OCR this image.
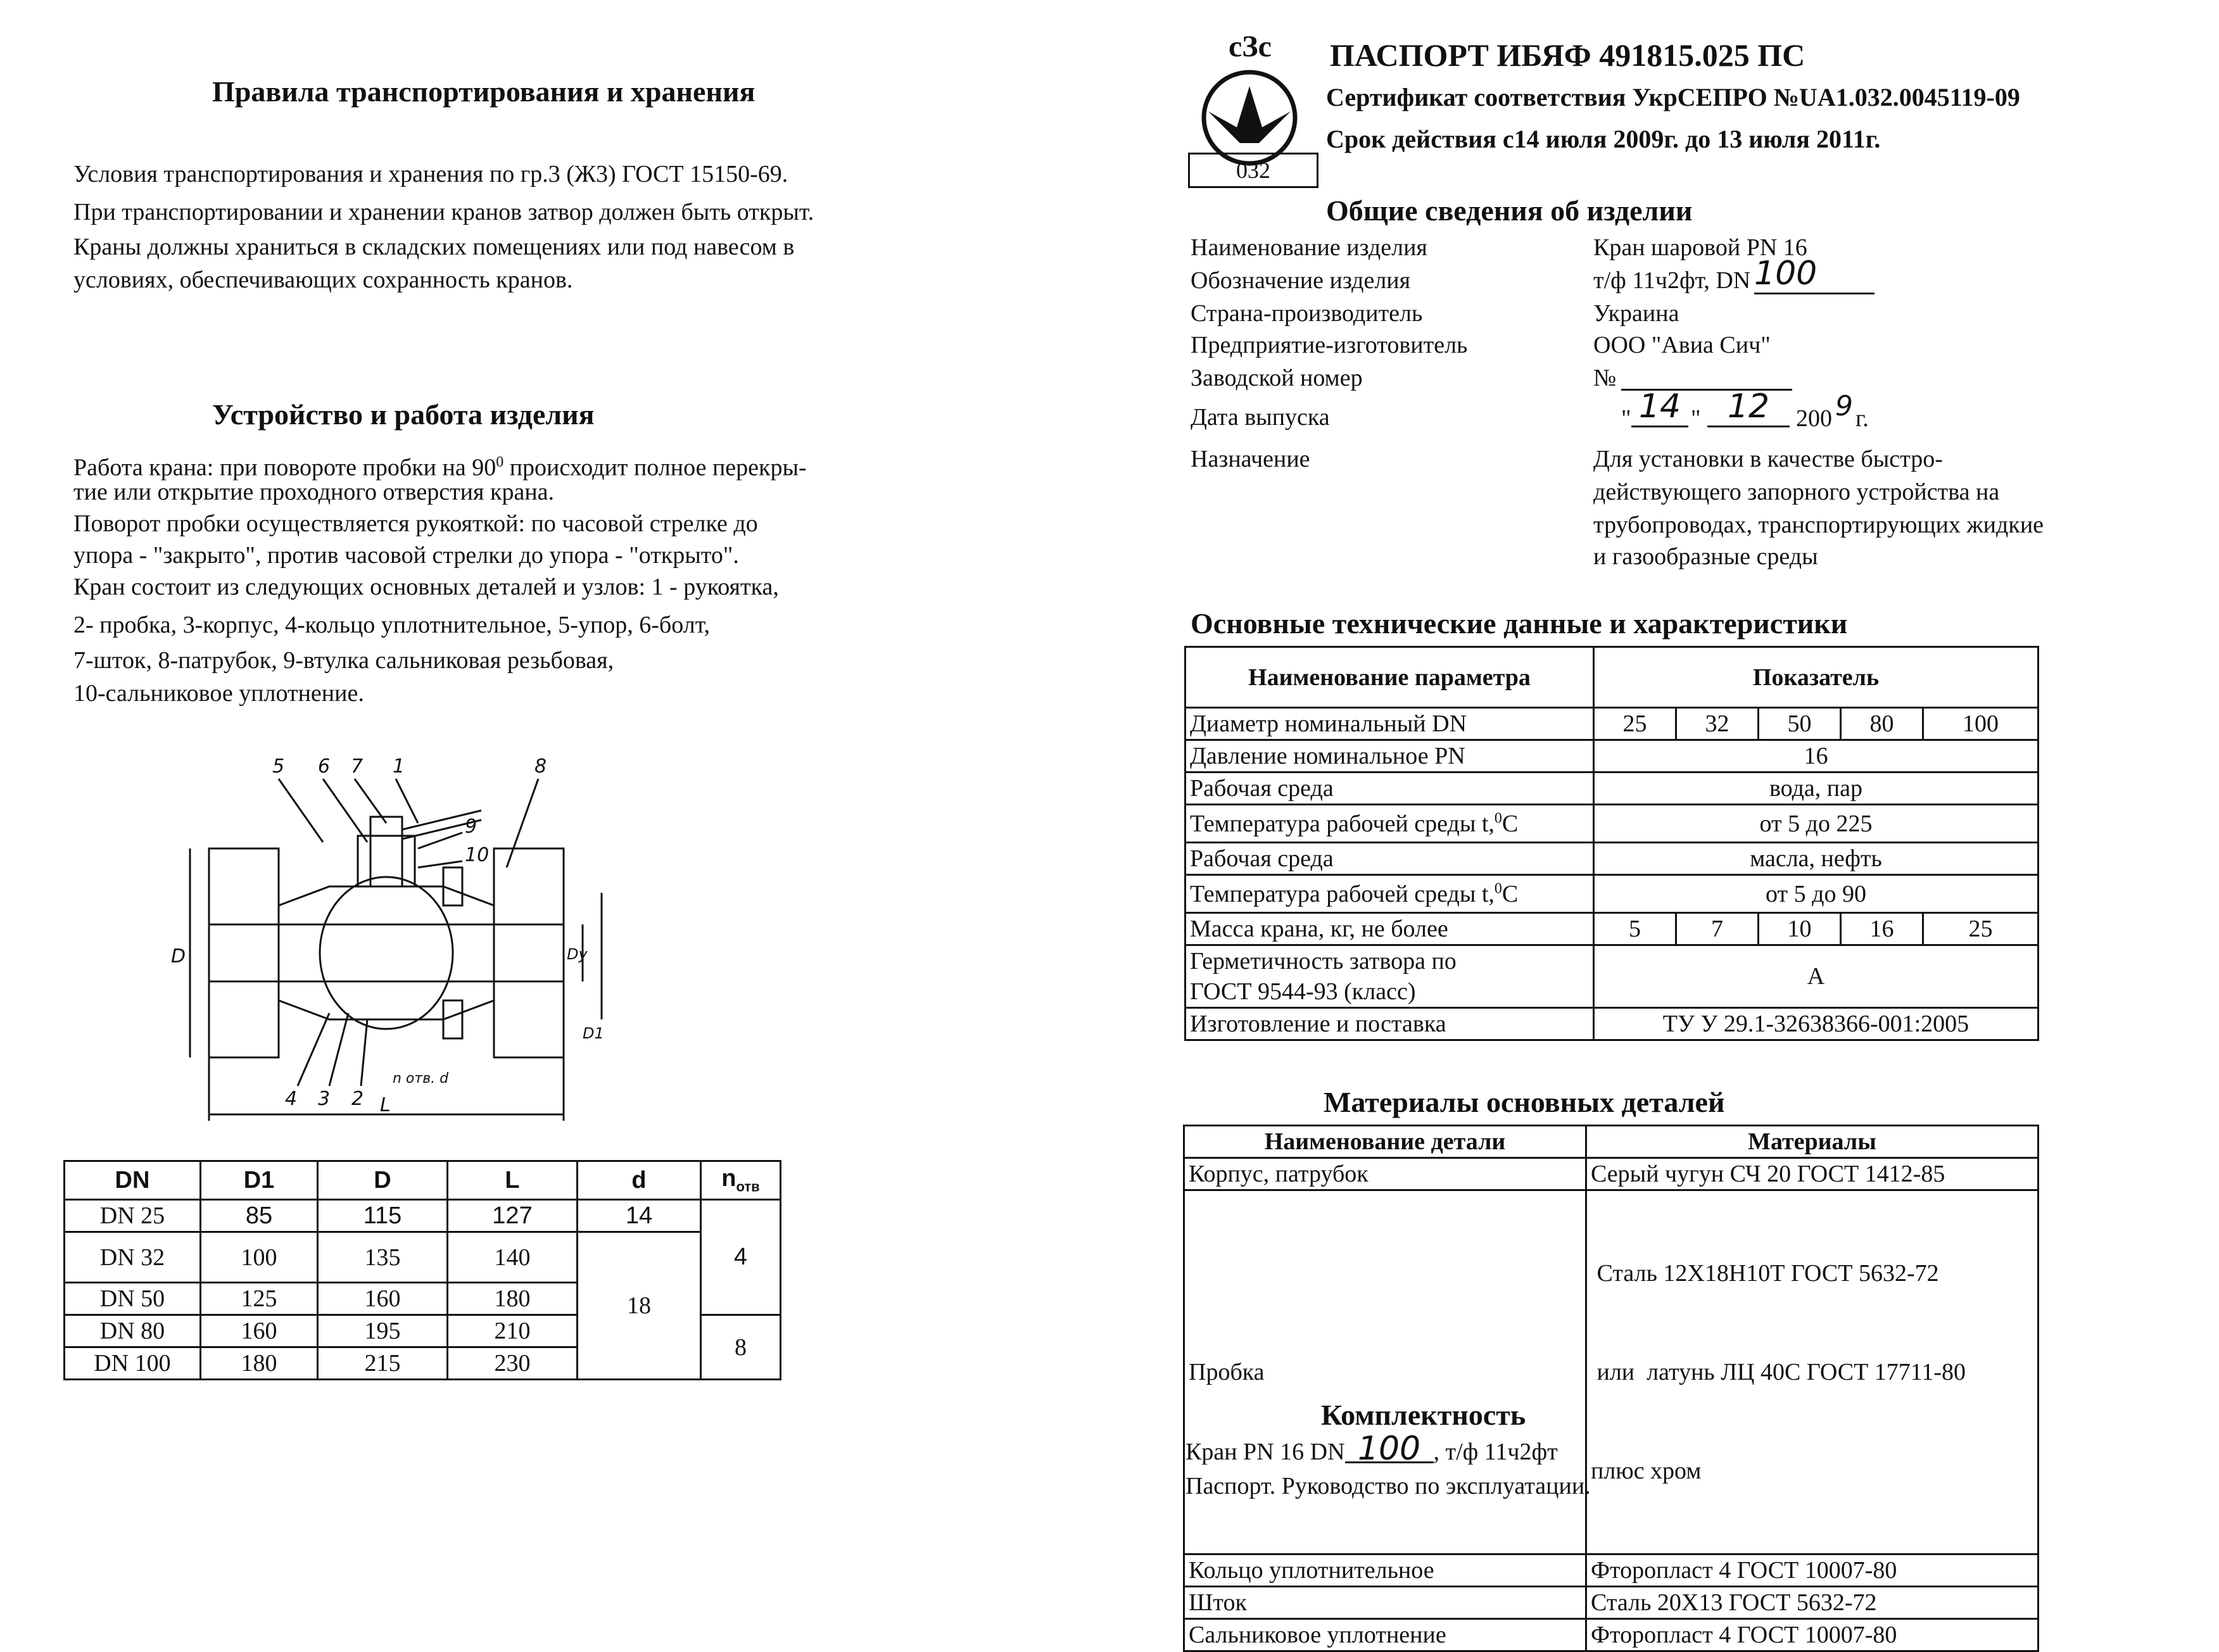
Правила транспортирования и хранения
Условия транспортирования и хранения по гр.3 (Ж3) ГОСТ 15150-69.
При транспортировании и хранении кранов затвор должен быть открыт.
Краны должны храниться в складских помещениях или под навесом в
условиях, обеспечивающих сохранность кранов.
Устройство и работа изделия
Работа крана: при повороте пробки на $90^0$ происходит полное перекры-
тие или открытие проходного отверстия крана.
Поворот пробки осуществляется рукояткой: по часовой стрелке до
упора - "закрыто", против часовой стрелки до упора - "открыто".
Кран состоит из следующих основных деталей и узлов: 1 - рукоятка,
2- пробка, 3-корпус, 4-кольцо уплотнительное, 5-упор, 6-болт,
7-шток, 8-патрубок, 9-втулка сальниковая резьбовая,
10-сальниковое уплотнение.
5 6 7 1	8
9
10
4 3 2
D	Dy
D1
L
n отв. d
DN	D1	D	L	d	$n_{отв}$
DN 25	85	115	127	14	4
DN 32	100	135	140	18	
DN 50	125	160	180		
DN 80	160	195	210		8
DN 100	180	215	230		
сЗс
032
ПАСПОРТ ИБЯФ 491815.025 ПС
Сертификат соответствия УкрСЕПРО №UA1.032.0045119-09
Срок действия с14 июля 2009г. до 13 июля 2011г.
Общие сведения об изделии
Наименование изделия	Кран шаровой PN 16
Обозначение изделия	т/ф 11ч2фт, DN 100
Страна-производитель	Украина
Предприятие-изготовитель	ООО "Авиа Сич"
Заводской номер	№
Дата выпуска	" 14 " 12	200 9 г.
Назначение	Для установки в качестве быстро-
действующего запорного устройства на
трубопроводах, транспортирующих жидкие
и газообразные среды
Основные технические данные и характеристики
Наименование параметра	Показатель				
Диаметр номинальный DN	25	32	50	80	100
Давление номинальное PN	16				
Рабочая среда	вода, пар				
Температура рабочей среды t,$^0$C	от 5 до 225				
Рабочая среда	масла, нефть				
Температура рабочей среды t,$^0$C	от 5 до 90				
Масса крана, кг, не более	5	7	10	16	25

Герметичность затвора по
ГОСТ 9544-93 (класс)	А				
Изготовление и поставка	ТУ У 29.1-32638366-001:2005				
Материалы основных деталей
Наименование детали	Материалы
Корпус, патрубок	Серый чугун СЧ 20 ГОСТ 1412-85
Пробка	Сталь 12Х18Н10Т ГОСТ 5632-72

или  латунь ЛЦ 40С ГОСТ 17711-80

плюс хром

Кольцо уплотнительное	Фторопласт 4 ГОСТ 10007-80
Шток	Сталь 20Х13 ГОСТ 5632-72
Сальниковое уплотнение	Фторопласт 4 ГОСТ 10007-80
Комплектность
Кран PN 16 DN 100 , т/ф 11ч2фт
Паспорт. Руководство по эксплуатации.
